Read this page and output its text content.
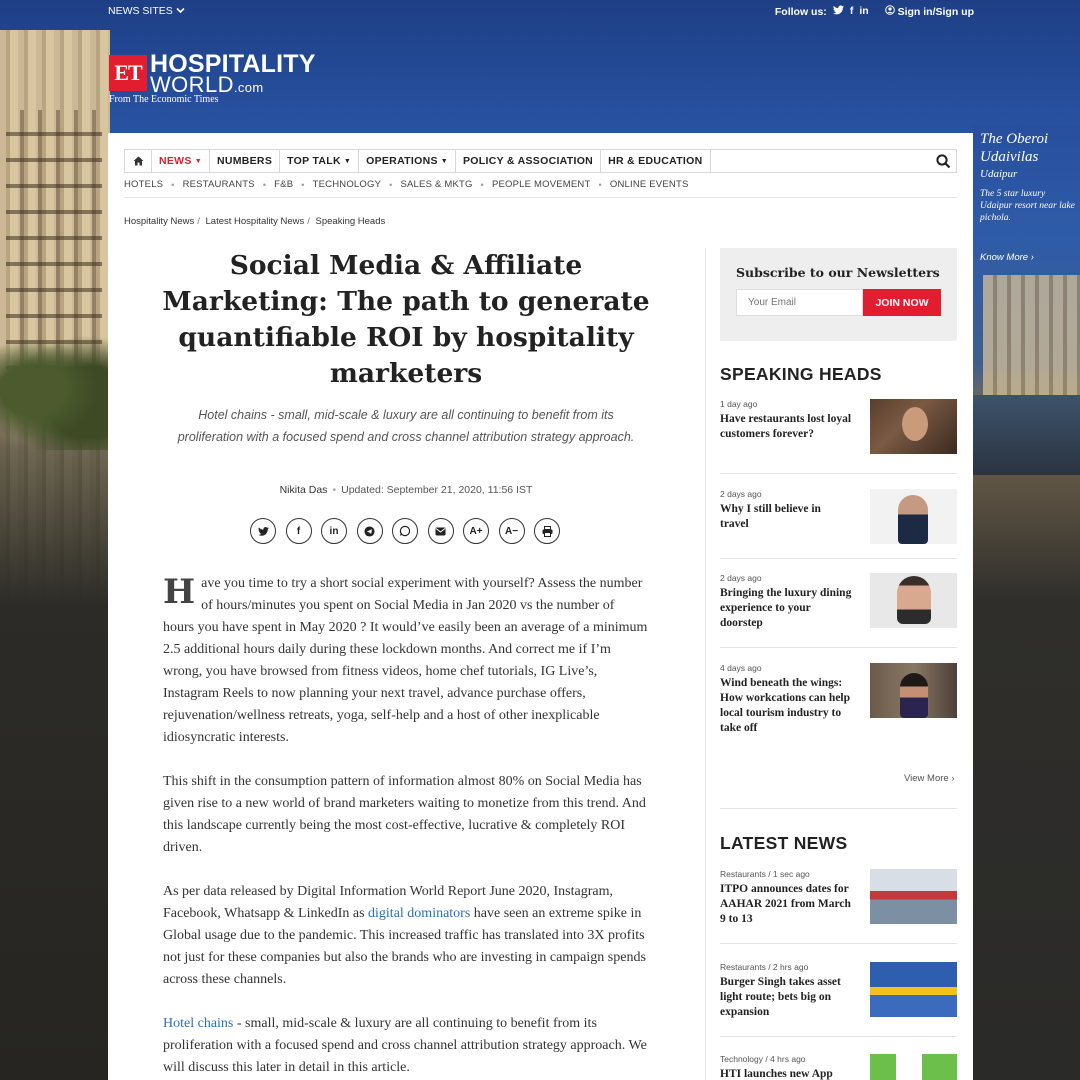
The Oberoi Udaivilas
Udaipur
The 5 star luxury Udaipur resort near lake pichola.
Know More ›
NEWS SITES	Follow us: f in	Sign in/Sign up
ET HOSPITALITY
WORLD.com
From The Economic Times
NEWS ▼ NUMBERS TOP TALK ▼ OPERATIONS ▼ POLICY & ASSOCIATION HR & EDUCATION
HOTELS • RESTAURANTS • F&B • TECHNOLOGY • SALES & MKTG • PEOPLE MOVEMENT • ONLINE EVENTS
Hospitality News / Latest Hospitality News / Speaking Heads
Social Media & Affiliate Marketing: The path to generate quantifiable ROI by hospitality marketers
Hotel chains - small, mid-scale & luxury are all continuing to benefit from its proliferation with a focused spend and cross channel attribution strategy approach.
Nikita Das • Updated: September 21, 2020, 11:56 IST
f	in	A+	A−

Have you time to try a short social experiment with yourself? Assess the number of hours/minutes you spent on Social Media in Jan 2020 vs the number of hours you have spent in May 2020 ? It would’ve easily been an average of a minimum 2.5 additional hours daily during these lockdown months. And correct me if I’m wrong, you have browsed from fitness videos, home chef tutorials, IG Live’s, Instagram Reels to now planning your next travel, advance purchase offers, rejuvenation/wellness retreats, yoga, self-help and a host of other inexplicable idiosyncratic interests.

This shift in the consumption pattern of information almost 80% on Social Media has given rise to a new world of brand marketers waiting to monetize from this trend. And this landscape currently being the most cost-effective, lucrative & completely ROI driven.

As per data released by Digital Information World Report June 2020, Instagram, Facebook, Whatsapp & LinkedIn as digital dominators have seen an extreme spike in Global usage due to the pandemic. This increased traffic has translated into 3X profits not just for these companies but also the brands who are investing in campaign spends across these channels.

Hotel chains - small, mid-scale & luxury are all continuing to benefit from its proliferation with a focused spend and cross channel attribution strategy approach. We will discuss this later in detail in this article.

Subscribe to our Newsletters
Your Email
JOIN NOW
SPEAKING HEADS
1 day ago
Have restaurants lost loyal customers forever?
2 days ago
Why I still believe in travel
2 days ago
Bringing the luxury dining experience to your doorstep
4 days ago
Wind beneath the wings: How workcations can help local tourism industry to take off
View More ›
LATEST NEWS
Restaurants / 1 sec ago
ITPO announces dates for AAHAR 2021 from March 9 to 13
Restaurants / 2 hrs ago
Burger Singh takes asset light route; bets big on expansion
Technology / 4 hrs ago
HTI launches new App
